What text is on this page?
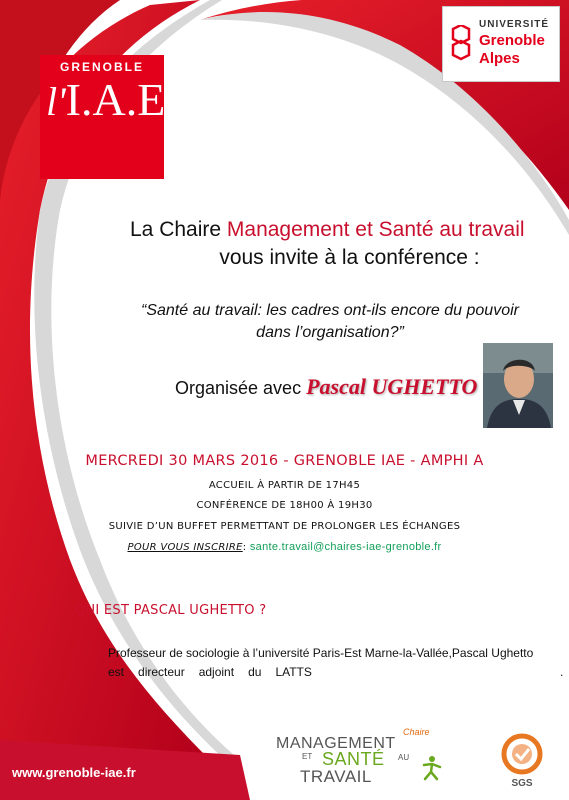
GRENOBLE
l'I.A.E
UNIVERSITÉ
Grenoble
Alpes
La Chaire Management et Santé au travail
vous invite à la conférence :
“Santé au travail: les cadres ont-ils encore du pouvoir
dans l’organisation?”
Organisée avec Pascal UGHETTO
MERCREDI 30 MARS 2016 - GRENOBLE IAE - AMPHI A
ACCUEIL À PARTIR DE 17H45
CONFÉRENCE DE 18H00 À 19H30
SUIVIE D’UN BUFFET PERMETTANT DE PROLONGER LES ÉCHANGES
POUR VOUS INSCRIRE: sante.travail@chaires-iae-grenoble.fr
QUI EST PASCAL UGHETTO ?
Professeur de sociologie à l’université Paris-Est Marne-la-Vallée,Pascal Ughetto
est directeur adjoint du LATTS	.
www.grenoble-iae.fr
Chaire
MANAGEMENT
ET SANTÉ AU
TRAVAIL	SGS
